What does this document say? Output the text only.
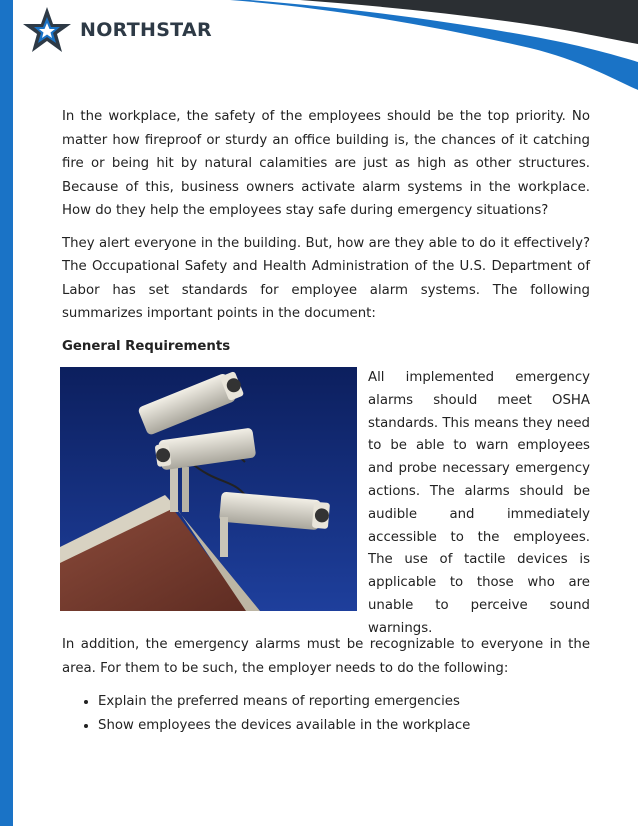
NORTHSTAR

In the workplace, the safety of the employees should be the top priority. No matter how fireproof or sturdy an office building is, the chances of it catching fire or being hit by natural calamities are just as high as other structures. Because of this, business owners activate alarm systems in the workplace. How do they help the employees stay safe during emergency situations?

They alert everyone in the building. But, how are they able to do it effectively? The Occupational Safety and Health Administration of the U.S. Department of Labor has set standards for employee alarm systems. The following summarizes important points in the document:

General Requirements

All implemented emergency alarms should meet OSHA standards. This means they need to be able to warn employees and probe necessary emergency actions. The alarms should be audible and immediately accessible to the employees. The use of tactile devices is applicable to those who are unable to perceive sound warnings.

In addition, the emergency alarms must be recognizable to everyone in the area. For them to be such, the employer needs to do the following:

• Explain the preferred means of reporting emergencies
• Show employees the devices available in the workplace
